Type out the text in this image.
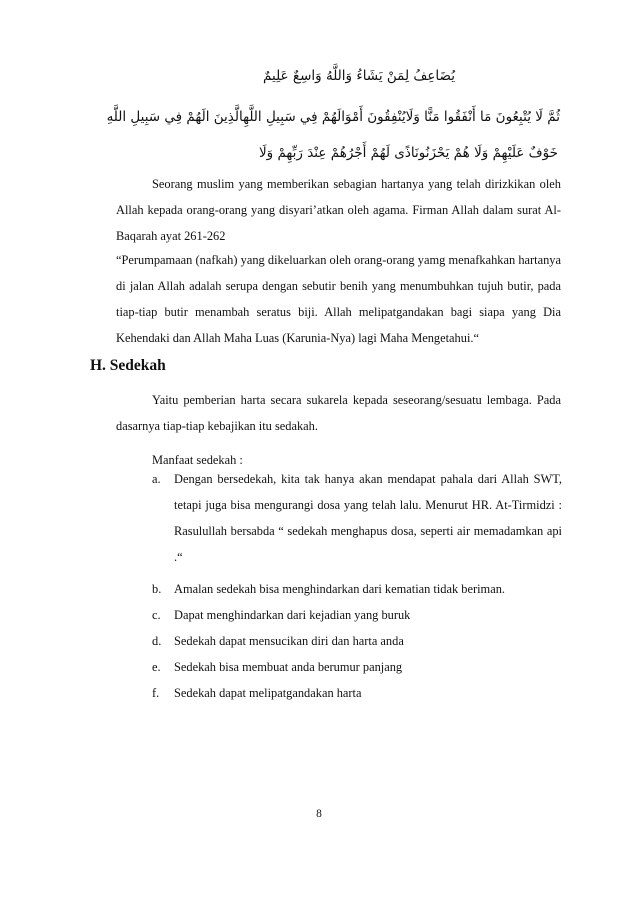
يُضَاعِفُ لِمَنْ يَشَاءُ وَاللَّهُ وَاسِعٌ عَلِيمٌ
ثُمَّ لَا يُتْبِعُونَ مَا أَنْفَقُوا مَنًّا وَلَايُنْفِقُونَ أَمْوَالَهُمْ فِي سَبِيلِ اللَّهِالَّذِينَ الَهُمْ فِي سَبِيلِ اللَّهِ
خَوْفٌ عَلَيْهِمْ وَلَا هُمْ يَحْزَنُونَاذًى لَهُمْ أَجْرُهُمْ عِنْدَ رَبِّهِمْ وَلَا
Seorang muslim yang memberikan sebagian hartanya yang telah dirizkikan oleh Allah kepada orang-orang yang disyari’atkan oleh agama. Firman Allah dalam surat Al-Baqarah ayat 261-262
“Perumpamaan (nafkah) yang dikeluarkan oleh orang-orang yamg menafkahkan hartanya di jalan Allah adalah serupa dengan sebutir benih yang menumbuhkan tujuh butir, pada tiap-tiap butir menambah seratus biji. Allah melipatgandakan bagi siapa yang Dia Kehendaki dan Allah Maha Luas (Karunia-Nya) lagi Maha Mengetahui.“
H. Sedekah
Yaitu pemberian harta secara sukarela kepada seseorang/sesuatu lembaga. Pada dasarnya tiap-tiap kebajikan itu sedakah.
Manfaat sedekah :
a. Dengan bersedekah, kita tak hanya akan mendapat pahala dari Allah SWT, tetapi juga bisa mengurangi dosa yang telah lalu. Menurut HR. At-Tirmidzi : Rasulullah bersabda “ sedekah menghapus dosa, seperti air memadamkan api .“
b. Amalan sedekah bisa menghindarkan dari kematian tidak beriman.
c. Dapat menghindarkan dari kejadian yang buruk
d. Sedekah dapat mensucikan diri dan harta anda
e. Sedekah bisa membuat anda berumur panjang
f. Sedekah dapat melipatgandakan harta
8
